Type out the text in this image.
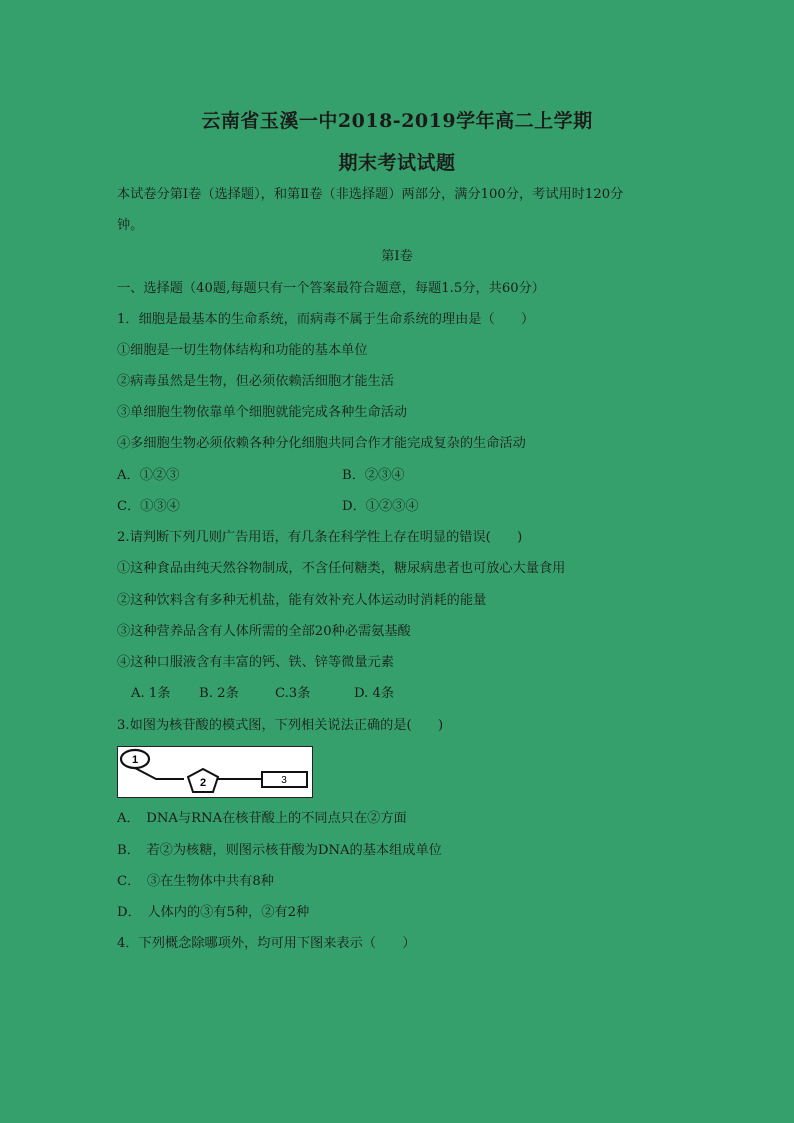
云南省玉溪一中2018-2019学年高二上学期
期末考试试题
本试卷分第Ⅰ卷（选择题），和第Ⅱ卷（非选择题）两部分，满分100分，考试用时120分
钟。
第Ⅰ卷
一、选择题（40题,每题只有一个答案最符合题意，每题1.5分，共60分）
1．细胞是最基本的生命系统，而病毒不属于生命系统的理由是（　　）
①细胞是一切生物体结构和功能的基本单位
②病毒虽然是生物，但必须依赖活细胞才能生活
③单细胞生物依靠单个细胞就能完成各种生命活动
④多细胞生物必须依赖各种分化细胞共同合作才能完成复杂的生命活动
A．①②③	B．②③④
C．①③④	D．①②③④
2.请判断下列几则广告用语，有几条在科学性上存在明显的错误(　　)
①这种食品由纯天然谷物制成，不含任何糖类，糖尿病患者也可放心大量食用
②这种饮料含有多种无机盐，能有效补充人体运动时消耗的能量
③这种营养品含有人体所需的全部20种必需氨基酸
④这种口服液含有丰富的钙、铁、锌等微量元素
A. 1条 B. 2条	C.3条	D. 4条
3.如图为核苷酸的模式图，下列相关说法正确的是(　　)
1
2	3
A．　DNA与RNA在核苷酸上的不同点只在②方面
B．　若②为核糖，则图示核苷酸为DNA的基本组成单位
C．　③在生物体中共有8种
D．　人体内的③有5种，②有2种
4．下列概念除哪项外，均可用下图来表示（　　）
